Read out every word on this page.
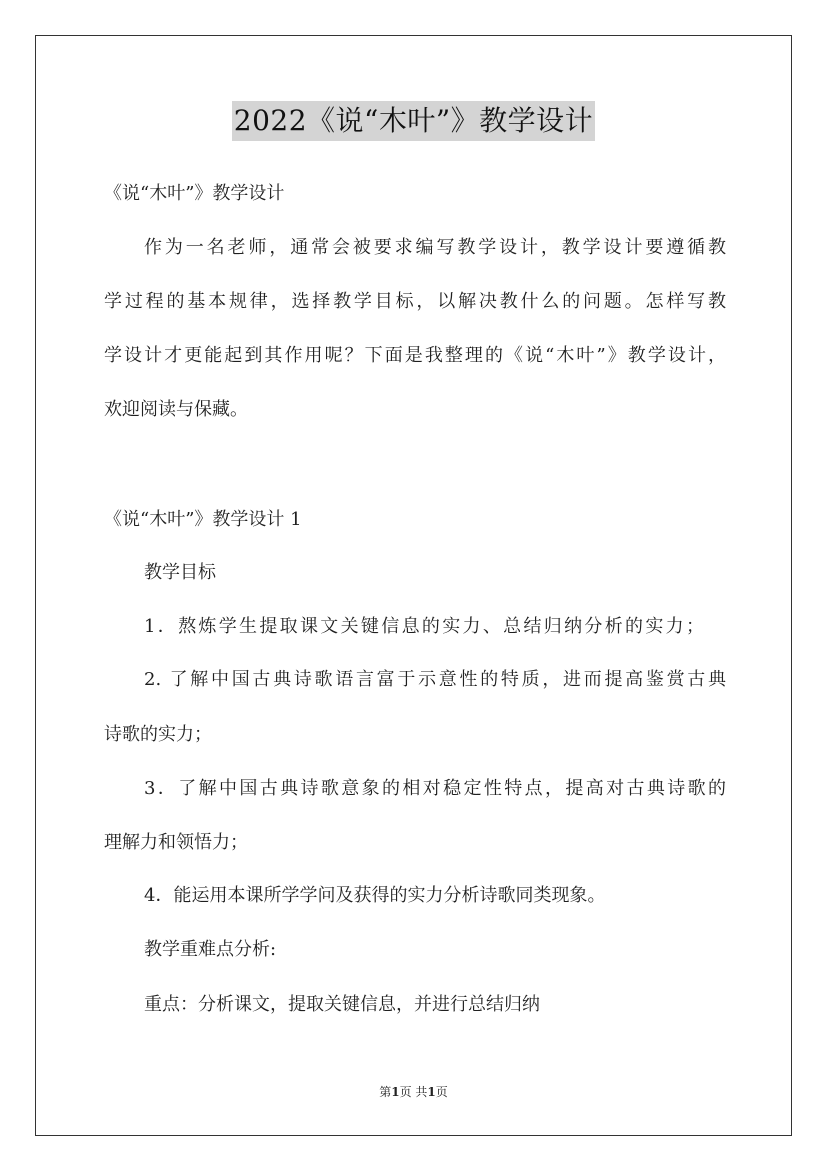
2022《说“木叶”》教学设计
《说“木叶”》教学设计
作为一名老师，通常会被要求编写教学设计，教学设计要遵循教
学过程的基本规律，选择教学目标，以解决教什么的问题。怎样写教
学设计才更能起到其作用呢？下面是我整理的《说“木叶”》教学设计，
欢迎阅读与保藏。
《说“木叶”》教学设计 1
教学目标
1．熬炼学生提取课文关键信息的实力、总结归纳分析的实力；
2. 了解中国古典诗歌语言富于示意性的特质，进而提高鉴赏古典
诗歌的实力；
3．了解中国古典诗歌意象的相对稳定性特点，提高对古典诗歌的
理解力和领悟力；
4．能运用本课所学学问及获得的实力分析诗歌同类现象。
教学重难点分析:
重点：分析课文，提取关键信息，并进行总结归纳
第1页 共1页
